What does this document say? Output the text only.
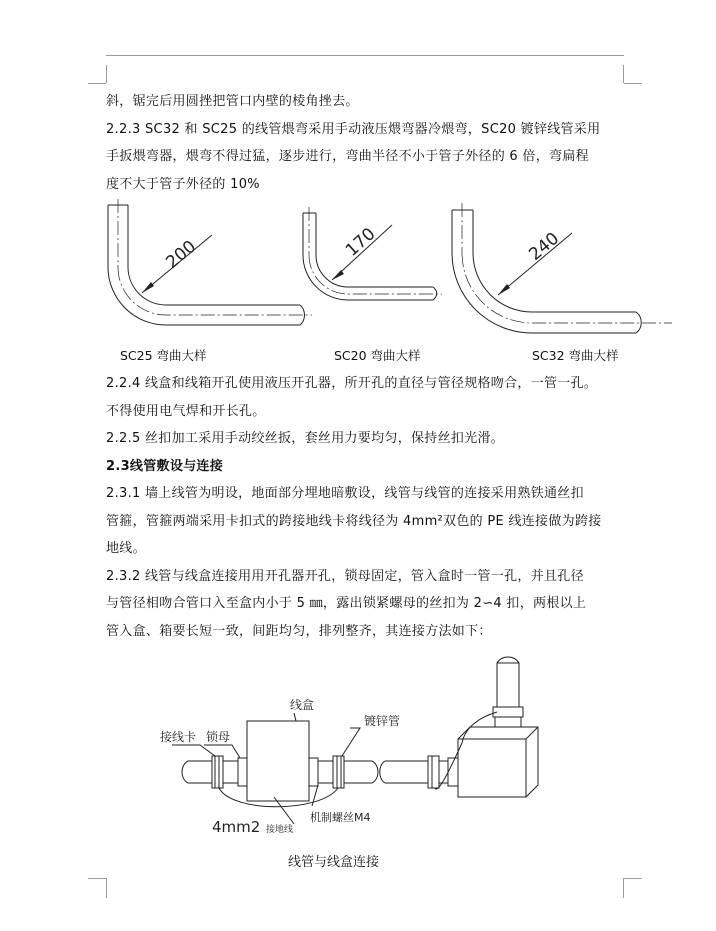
斜，锯完后用圆挫把管口内壁的棱角挫去。
2.2.3 SC32 和 SC25 的线管煨弯采用手动液压煨弯器冷煨弯，SC20 镀锌线管采用
手扳煨弯器，煨弯不得过猛，逐步进行，弯曲半径不小于管子外径的 6 倍，弯扁程
度不大于管子外径的 10%
200	170	240
SC25 弯曲大样	SC20 弯曲大样	SC32 弯曲大样
2.2.4 线盒和线箱开孔使用液压开孔器，所开孔的直径与管径规格吻合，一管一孔。
不得使用电气焊和开长孔。
2.2.5 丝扣加工采用手动绞丝扳，套丝用力要均匀，保持丝扣光滑。
2.3线管敷设与连接
2.3.1 墙上线管为明设，地面部分埋地暗敷设，线管与线管的连接采用熟铁通丝扣
管箍，管箍两端采用卡扣式的跨接地线卡将线径为 4mm²双色的 PE 线连接做为跨接
地线。
2.3.2 线管与线盒连接用用开孔器开孔，锁母固定，管入盒时一管一孔，并且孔径
与管径相吻合管口入至盒内小于 5 ㎜，露出锁紧螺母的丝扣为 2∽4 扣，两根以上
管入盒、箱要长短一致，间距均匀，排列整齐，其连接方法如下：
线盒
接线卡 锁母
镀锌管
4mm2 接地线
机制螺丝M4
线管与线盒连接
